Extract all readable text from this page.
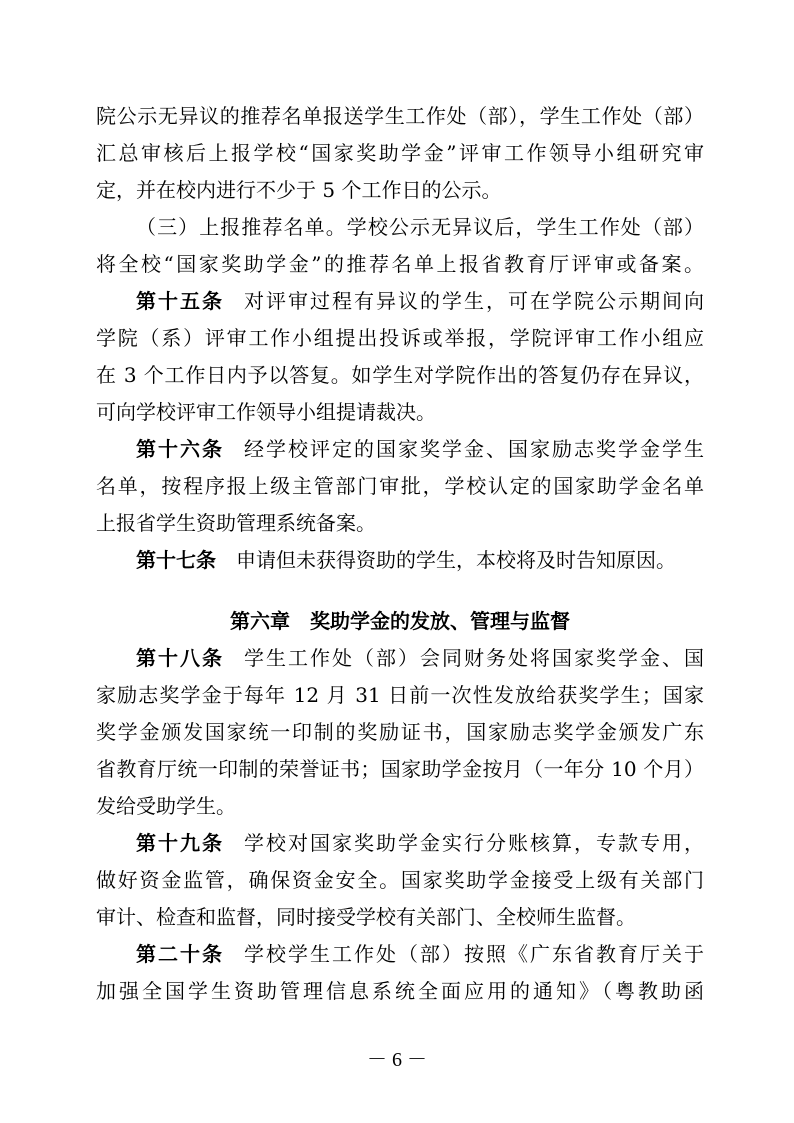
院公示无异议的推荐名单报送学生工作处（部），学生工作处（部）
汇总审核后上报学校“国家奖助学金”评审工作领导小组研究审
定，并在校内进行不少于 5 个工作日的公示。
（三）上报推荐名单。学校公示无异议后，学生工作处（部）
将全校“国家奖助学金”的推荐名单上报省教育厅评审或备案。
第十五条 对评审过程有异议的学生，可在学院公示期间向
学院（系）评审工作小组提出投诉或举报，学院评审工作小组应
在 3 个工作日内予以答复。如学生对学院作出的答复仍存在异议，
可向学校评审工作领导小组提请裁决。
第十六条 经学校评定的国家奖学金、国家励志奖学金学生
名单，按程序报上级主管部门审批，学校认定的国家助学金名单
上报省学生资助管理系统备案。
第十七条 申请但未获得资助的学生，本校将及时告知原因。
第六章　奖助学金的发放、管理与监督
第十八条 学生工作处（部）会同财务处将国家奖学金、国
家励志奖学金于每年 12 月 31 日前一次性发放给获奖学生；国家
奖学金颁发国家统一印制的奖励证书，国家励志奖学金颁发广东
省教育厅统一印制的荣誉证书；国家助学金按月（一年分 10 个月）
发给受助学生。
第十九条 学校对国家奖助学金实行分账核算，专款专用，
做好资金监管，确保资金安全。国家奖助学金接受上级有关部门
审计、检查和监督，同时接受学校有关部门、全校师生监督。
第二十条 学校学生工作处（部）按照《广东省教育厅关于
加强全国学生资助管理信息系统全面应用的通知》（粤教助函
－ 6 －
